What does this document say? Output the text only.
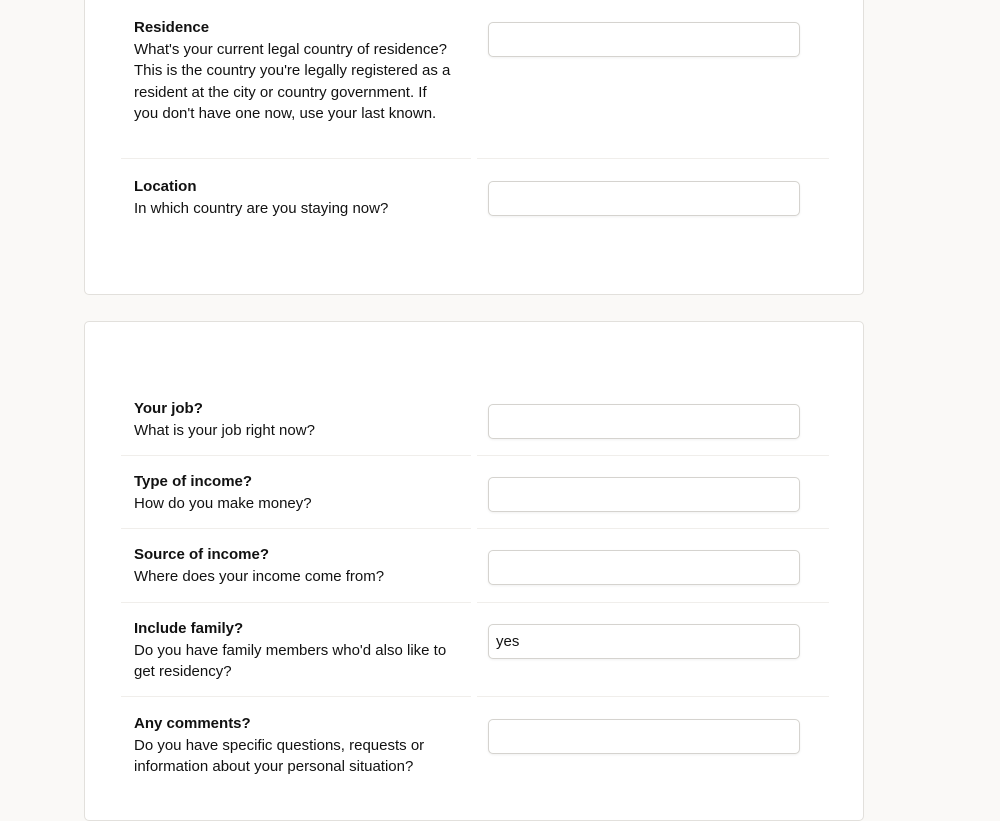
Residence
What's your current legal country of residence? This is the country you're legally registered as a resident at the city or country government. If you don't have one now, use your last known.
Location
In which country are you staying now?
Your job?
What is your job right now?
Type of income?
How do you make money?
Source of income?
Where does your income come from?
Include family?
Do you have family members who'd also like to get residency?
yes
Any comments?
Do you have specific questions, requests or information about your personal situation?
